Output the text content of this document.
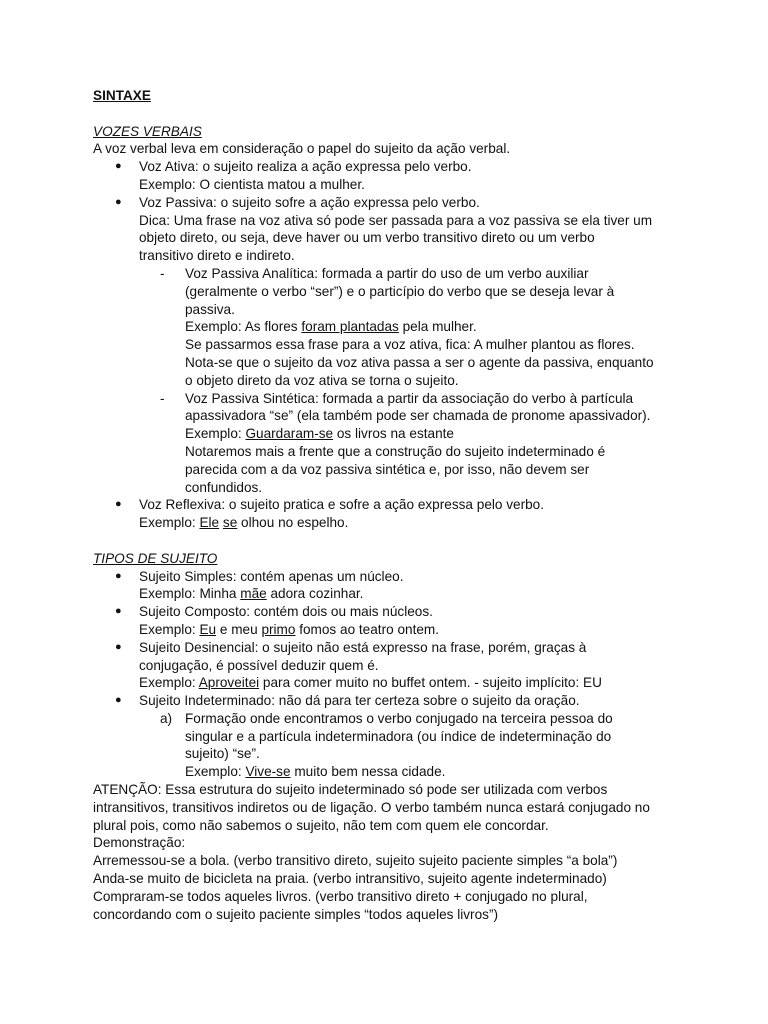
SINTAXE
VOZES VERBAIS
A voz verbal leva em consideração o papel do sujeito da ação verbal.
● Voz Ativa: o sujeito realiza a ação expressa pelo verbo.
Exemplo: O cientista matou a mulher.
● Voz Passiva: o sujeito sofre a ação expressa pelo verbo.
Dica: Uma frase na voz ativa só pode ser passada para a voz passiva se ela tiver um
objeto direto, ou seja, deve haver ou um verbo transitivo direto ou um verbo
transitivo direto e indireto.
- Voz Passiva Analítica: formada a partir do uso de um verbo auxiliar
(geralmente o verbo “ser”) e o particípio do verbo que se deseja levar à
passiva.
Exemplo: As flores foram plantadas pela mulher.
Se passarmos essa frase para a voz ativa, fica: A mulher plantou as flores.
Nota-se que o sujeito da voz ativa passa a ser o agente da passiva, enquanto
o objeto direto da voz ativa se torna o sujeito.
- Voz Passiva Sintética: formada a partir da associação do verbo à partícula
apassivadora “se” (ela também pode ser chamada de pronome apassivador).
Exemplo: Guardaram-se os livros na estante
Notaremos mais a frente que a construção do sujeito indeterminado é
parecida com a da voz passiva sintética e, por isso, não devem ser
confundidos.
● Voz Reflexiva: o sujeito pratica e sofre a ação expressa pelo verbo.
Exemplo: Ele se olhou no espelho.
TIPOS DE SUJEITO
● Sujeito Simples: contém apenas um núcleo.
Exemplo: Minha mãe adora cozinhar.
● Sujeito Composto: contém dois ou mais núcleos.
Exemplo: Eu e meu primo fomos ao teatro ontem.
● Sujeito Desinencial: o sujeito não está expresso na frase, porém, graças à
conjugação, é possível deduzir quem é.
Exemplo: Aproveitei para comer muito no buffet ontem. - sujeito implícito: EU
● Sujeito Indeterminado: não dá para ter certeza sobre o sujeito da oração.
a) Formação onde encontramos o verbo conjugado na terceira pessoa do
singular e a partícula indeterminadora (ou índice de indeterminação do
sujeito) “se”.
Exemplo: Vive-se muito bem nessa cidade.
ATENÇÃO: Essa estrutura do sujeito indeterminado só pode ser utilizada com verbos
intransitivos, transitivos indiretos ou de ligação. O verbo também nunca estará conjugado no
plural pois, como não sabemos o sujeito, não tem com quem ele concordar.
Demonstração:
Arremessou-se a bola. (verbo transitivo direto, sujeito sujeito paciente simples “a bola”)
Anda-se muito de bicicleta na praia. (verbo intransitivo, sujeito agente indeterminado)
Compraram-se todos aqueles livros. (verbo transitivo direto + conjugado no plural,
concordando com o sujeito paciente simples “todos aqueles livros”)
